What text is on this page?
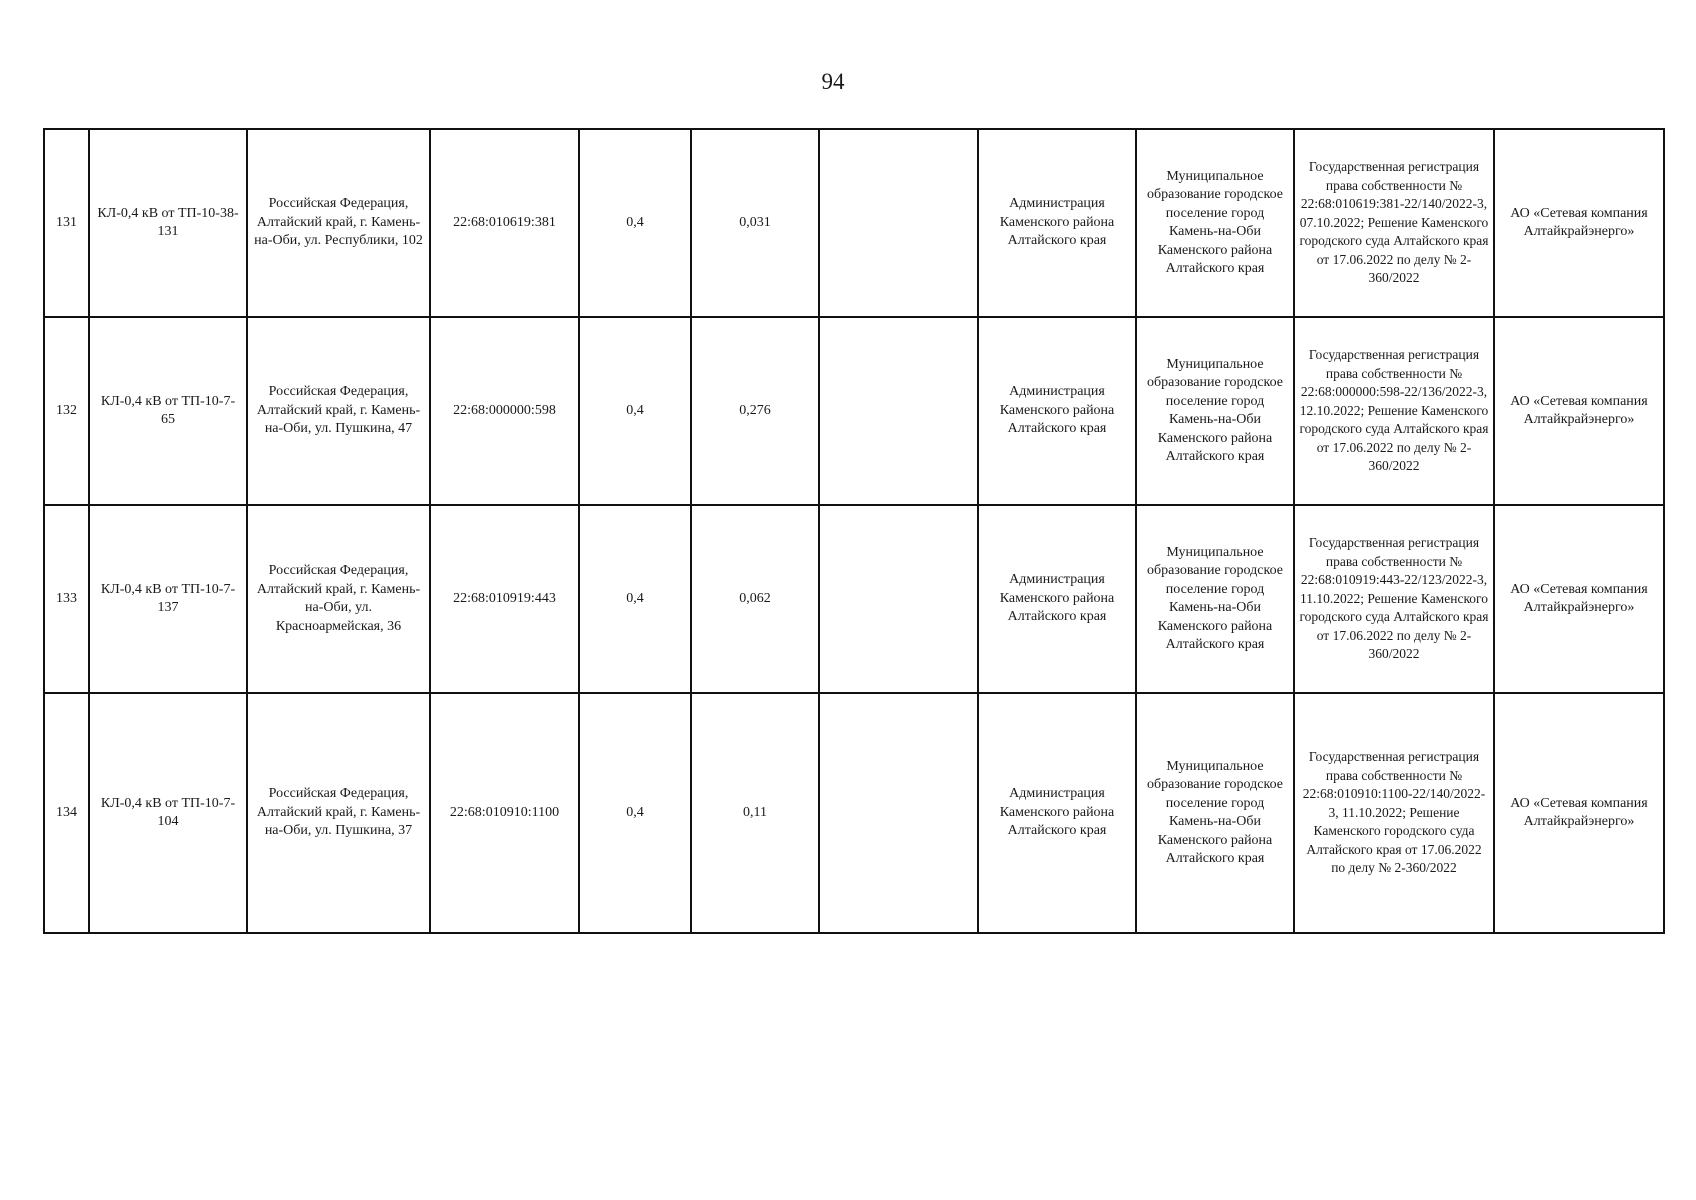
94
131	КЛ-0,4 кВ от ТП-10-38-131	Российская Федерация, Алтайский край, г. Камень-на-Оби, ул. Республики, 102	22:68:010619:381	0,4	0,031		Администрация Каменского района Алтайского края	Муниципальное образование городское поселение город Камень-на-Оби Каменского района Алтайского края	Государственная регистрация права собственности № 22:68:010619:381-22/140/2022-3, 07.10.2022; Решение Каменского городского суда Алтайского края от 17.06.2022 по делу № 2-360/2022	АО «Сетевая компания Алтайкрайэнерго»
132	КЛ-0,4 кВ от ТП-10-7-65	Российская Федерация, Алтайский край, г. Камень-на-Оби, ул. Пушкина, 47	22:68:000000:598	0,4	0,276		Администрация Каменского района Алтайского края	Муниципальное образование городское поселение город Камень-на-Оби Каменского района Алтайского края	Государственная регистрация права собственности № 22:68:000000:598-22/136/2022-3, 12.10.2022; Решение Каменского городского суда Алтайского края от 17.06.2022 по делу № 2-360/2022	АО «Сетевая компания Алтайкрайэнерго»
133	КЛ-0,4 кВ от ТП-10-7-137	Российская Федерация, Алтайский край, г. Камень-на-Оби, ул. Красноармейская, 36	22:68:010919:443	0,4	0,062		Администрация Каменского района Алтайского края	Муниципальное образование городское поселение город Камень-на-Оби Каменского района Алтайского края	Государственная регистрация права собственности № 22:68:010919:443-22/123/2022-3, 11.10.2022; Решение Каменского городского суда Алтайского края от 17.06.2022 по делу № 2-360/2022	АО «Сетевая компания Алтайкрайэнерго»
134	КЛ-0,4 кВ от ТП-10-7-104	Российская Федерация, Алтайский край, г. Камень-на-Оби, ул. Пушкина, 37	22:68:010910:1100	0,4	0,11		Администрация Каменского района Алтайского края	Муниципальное образование городское поселение город Камень-на-Оби Каменского района Алтайского края	Государственная регистрация права собственности № 22:68:010910:1100-22/140/2022-3, 11.10.2022; Решение Каменского городского суда Алтайского края от 17.06.2022 по делу № 2-360/2022	АО «Сетевая компания Алтайкрайэнерго»
